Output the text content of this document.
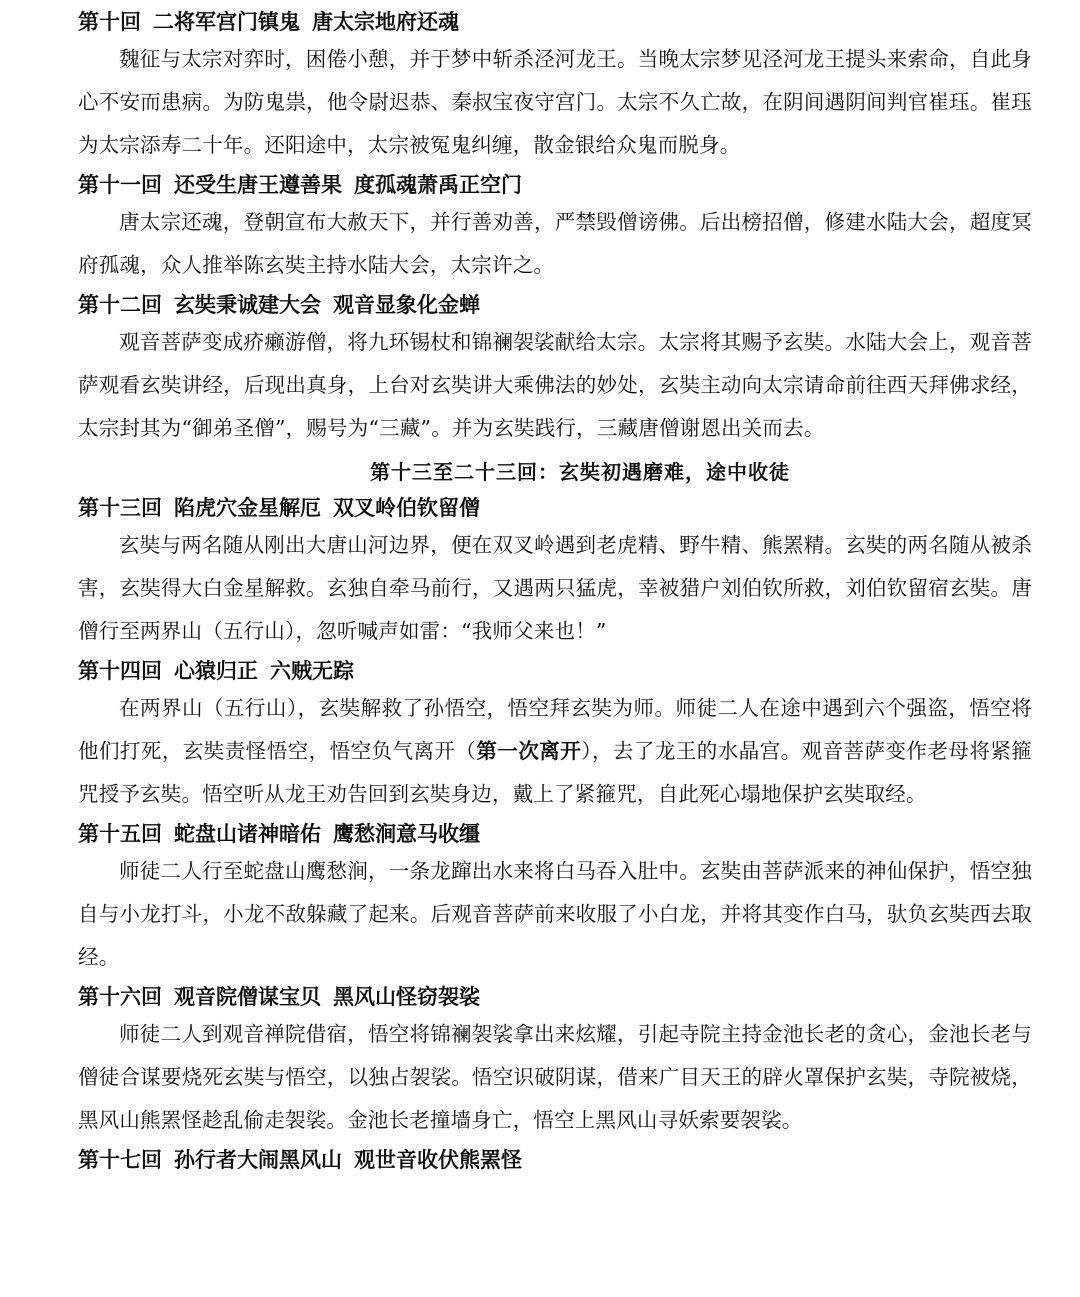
第十回 二将军宫门镇鬼 唐太宗地府还魂

魏征与太宗对弈时，困倦小憩，并于梦中斩杀泾河龙王。当晚太宗梦见泾河龙王提头来索命，自此身心不安而患病。为防鬼祟，他令尉迟恭、秦叔宝夜守宫门。太宗不久亡故，在阴间遇阴间判官崔珏。崔珏为太宗添寿二十年。还阳途中，太宗被冤鬼纠缠，散金银给众鬼而脱身。

第十一回 还受生唐王遵善果 度孤魂萧禹正空门

唐太宗还魂，登朝宣布大赦天下，并行善劝善，严禁毁僧谤佛。后出榜招僧，修建水陆大会，超度冥府孤魂，众人推举陈玄奘主持水陆大会，太宗许之。

第十二回 玄奘秉诚建大会 观音显象化金蝉

观音菩萨变成疥癞游僧，将九环锡杖和锦襕袈裟献给太宗。太宗将其赐予玄奘。水陆大会上，观音菩萨观看玄奘讲经，后现出真身，上台对玄奘讲大乘佛法的妙处，玄奘主动向太宗请命前往西天拜佛求经，太宗封其为“御弟圣僧”，赐号为“三藏”。并为玄奘践行，三藏唐僧谢恩出关而去。

第十三至二十三回：玄奘初遇磨难，途中收徒
第十三回 陷虎穴金星解厄 双叉岭伯钦留僧

玄奘与两名随从刚出大唐山河边界，便在双叉岭遇到老虎精、野牛精、熊罴精。玄奘的两名随从被杀害，玄奘得大白金星解救。玄独自牵马前行，又遇两只猛虎，幸被猎户刘伯钦所救，刘伯钦留宿玄奘。唐僧行至两界山（五行山），忽听喊声如雷：“我师父来也！”

第十四回 心猿归正 六贼无踪

在两界山（五行山），玄奘解救了孙悟空，悟空拜玄奘为师。师徒二人在途中遇到六个强盗，悟空将他们打死，玄奘责怪悟空，悟空负气离开（第一次离开），去了龙王的水晶宫。观音菩萨变作老母将紧箍咒授予玄奘。悟空听从龙王劝告回到玄奘身边，戴上了紧箍咒，自此死心塌地保护玄奘取经。

第十五回 蛇盘山诸神暗佑 鹰愁涧意马收缰

师徒二人行至蛇盘山鹰愁涧，一条龙蹿出水来将白马吞入肚中。玄奘由菩萨派来的神仙保护，悟空独自与小龙打斗，小龙不敌躲藏了起来。后观音菩萨前来收服了小白龙，并将其变作白马，驮负玄奘西去取经。

第十六回 观音院僧谋宝贝 黑风山怪窃袈裟

师徒二人到观音禅院借宿，悟空将锦襕袈裟拿出来炫耀，引起寺院主持金池长老的贪心，金池长老与僧徒合谋要烧死玄奘与悟空，以独占袈裟。悟空识破阴谋，借来广目天王的辟火罩保护玄奘，寺院被烧，黑风山熊罴怪趁乱偷走袈裟。金池长老撞墙身亡，悟空上黑风山寻妖索要袈裟。

第十七回 孙行者大闹黑风山 观世音收伏熊罴怪
